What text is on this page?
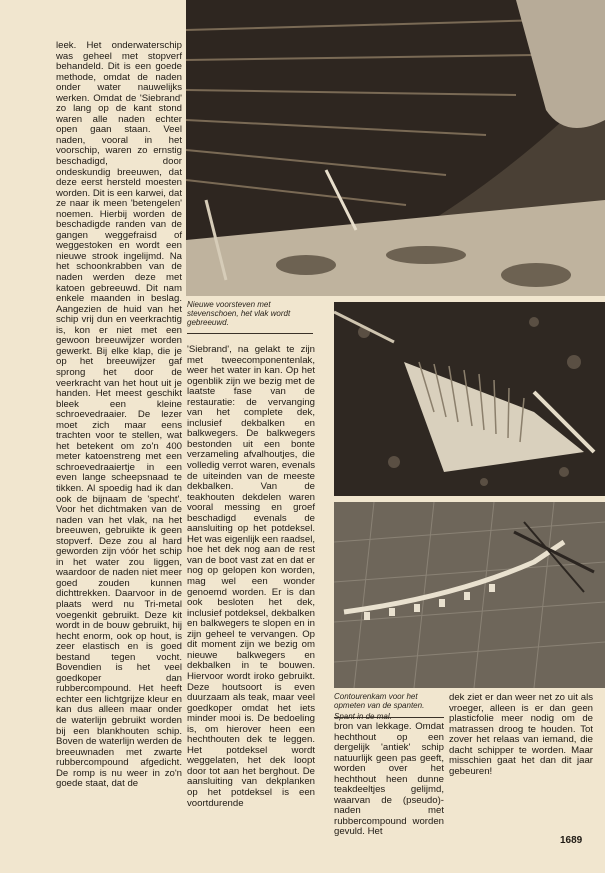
leek. Het onderwaterschip was geheel met stopverf behandeld. Dit is een goede methode, omdat de naden onder water nauwelijks werken. Omdat de 'Siebrand' zo lang op de kant stond waren alle naden echter open gaan staan. Veel naden, vooral in het voorschip, waren zo ernstig beschadigd, door ondeskundig breeuwen, dat deze eerst hersteld moesten worden. Dit is een karwei, dat ze naar ik meen 'betengelen' noemen. Hierbij worden de beschadigde randen van de gangen weggefraisd of weggestoken en wordt een nieuwe strook ingelijmd. Na het schoonkrabben van de naden werden deze met katoen gebreeuwd. Dit nam enkele maanden in beslag. Aangezien de huid van het schip vrij dun en veerkrachtig is, kon er niet met een gewoon breeuwijzer worden gewerkt. Bij elke klap, die je op het breeuwijzer gaf sprong het door de veerkracht van het hout uit je handen. Het meest geschikt bleek een kleine schroevedraaier. De lezer moet zich maar eens trachten voor te stellen, wat het betekent om zo'n 400 meter katoenstreng met een schroevedraaiertje in een even lange scheepsnaad te tikken. Al spoedig had ik dan ook de bijnaam de 'specht'. Voor het dichtmaken van de naden van het vlak, na het breeuwen, gebruikte ik geen stopverf. Deze zou al hard geworden zijn vóór het schip in het water zou liggen, waardoor de naden niet meer goed zouden kunnen dichttrekken. Daarvoor in de plaats werd nu Tri-metal voegenkit gebruikt. Deze kit wordt in de bouw gebruikt, hij hecht enorm, ook op hout, is zeer elastisch en is goed bestand tegen vocht. Bovendien is het veel goedkoper dan rubbercompound. Het heeft echter een lichtgrijze kleur en kan dus alleen maar onder de waterlijn gebruikt worden bij een blankhouten schip. Boven de waterlijn werden de breeuwnaden met zwarte rubbercompound afgedicht. De romp is nu weer in zo'n goede staat, dat de

Nieuwe voorsteven met stevenschoen, het vlak wordt gebreeuwd.
Contourenkam voor het opmeten van de spanten.
Spant in de mal.

'Siebrand', na gelakt te zijn met tweecomponentenlak, weer het water in kan. Op het ogenblik zijn we bezig met de laatste fase van de restauratie: de vervanging van het complete dek, inclusief dekbalken en balkwegers. De balkwegers bestonden uit een bonte verzameling afvalhoutjes, die volledig verrot waren, evenals de uiteinden van de meeste dekbalken. Van de teakhouten dekdelen waren vooral messing en groef beschadigd evenals de aansluiting op het potdeksel. Het was eigenlijk een raadsel, hoe het dek nog aan de rest van de boot vast zat en dat er nog op gelopen kon worden, mag wel een wonder genoemd worden. Er is dan ook besloten het dek, inclusief potdeksel, dekbalken en balkwegers te slopen en in zijn geheel te vervangen. Op dit moment zijn we bezig om nieuwe balkwegers en dekbalken in te bouwen. Hiervoor wordt iroko gebruikt. Deze houtsoort is even duurzaam als teak, maar veel goedkoper omdat het iets minder mooi is. De bedoeling is, om hierover heen een hechthouten dek te leggen. Het potdeksel wordt weggelaten, het dek loopt door tot aan het berghout. De aansluiting van dekplanken op het potdeksel is een voortdurende

bron van lekkage. Omdat hechthout op een dergelijk 'antiek' schip natuurlijk geen pas geeft, worden over het hechthout heen dunne teakdeeltjes gelijmd, waarvan de (pseudo)-naden met rubbercompound worden gevuld. Het

dek ziet er dan weer net zo uit als vroeger, alleen is er dan geen plasticfolie meer nodig om de matrassen droog te houden. Tot zover het relaas van iemand, die dacht schipper te worden. Maar misschien gaat het dan dit jaar gebeuren!

1689
